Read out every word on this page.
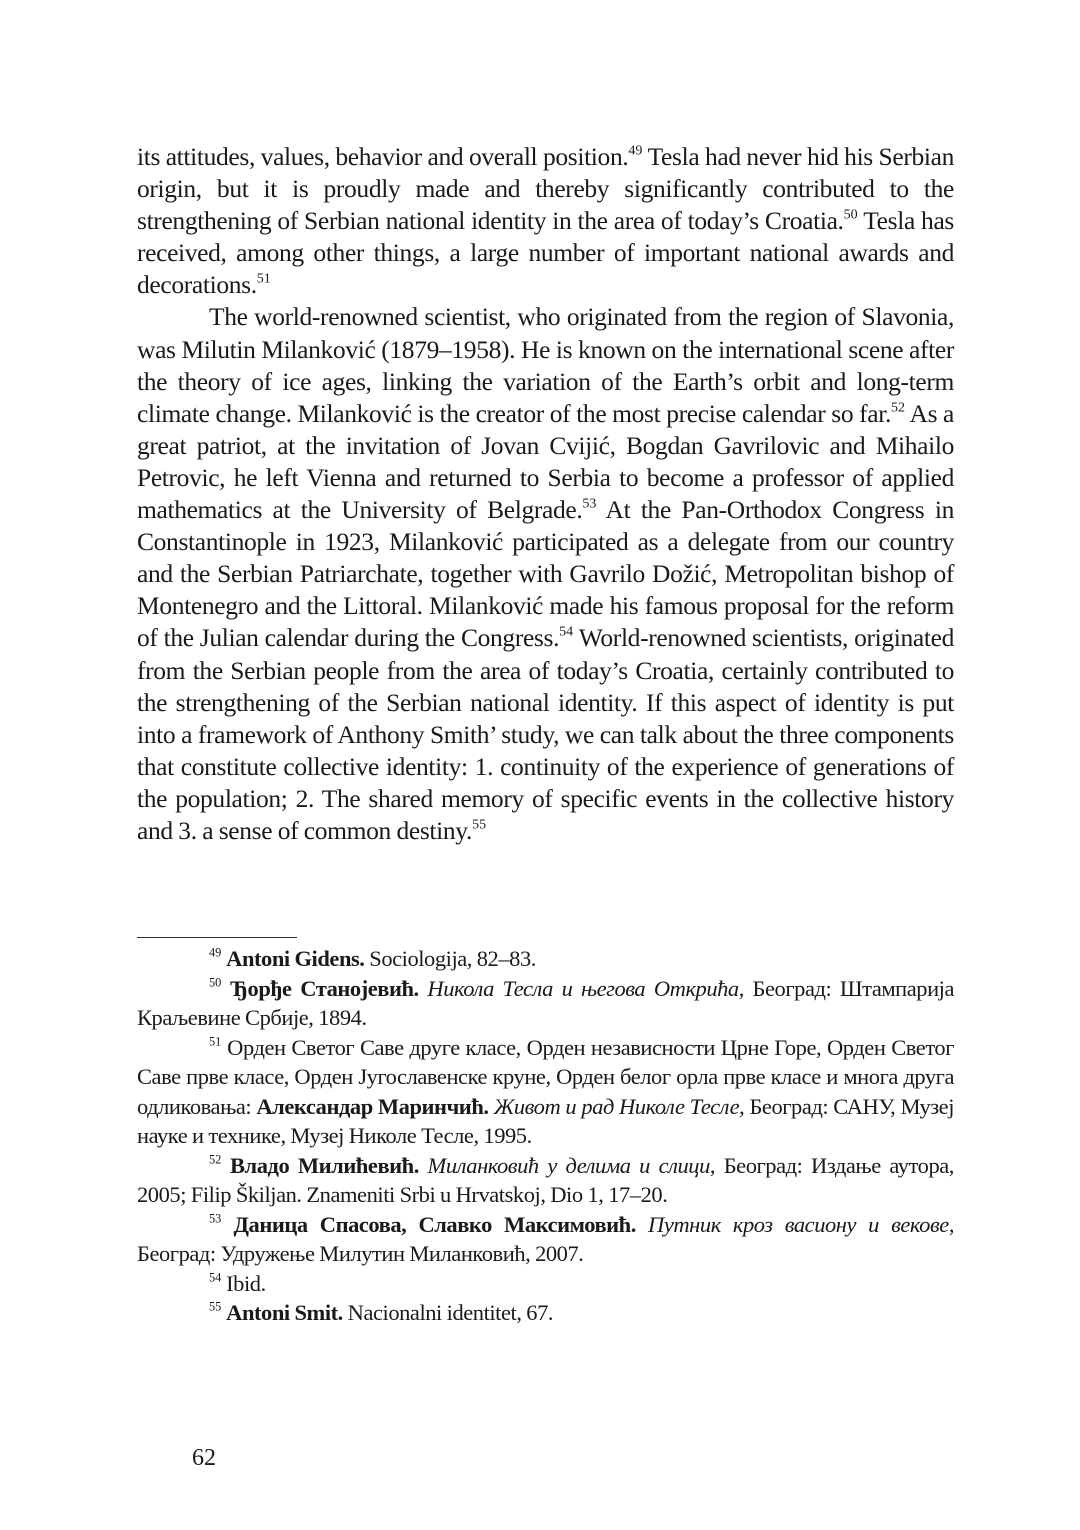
its attitudes, values, behavior and overall position.$^{49}$ Tesla had never hid his Serbian origin, but it is proudly made and thereby significantly contributed to the strengthening of Serbian national identity in the area of today’s Croatia.$^{50}$ Tesla has received, among other things, a large number of important national awards and decorations.$^{51}$

The world-renowned scientist, who originated from the region of Slavonia, was Milutin Milanković (1879–1958). He is known on the international scene after the theory of ice ages, linking the variation of the Earth’s orbit and long-term climate change. Milanković is the creator of the most precise calendar so far.$^{52}$ As a great patriot, at the invitation of Jovan Cvijić, Bogdan Gavrilovic and Mihailo Petrovic, he left Vienna and returned to Serbia to become a professor of applied mathematics at the University of Belgrade.$^{53}$ At the Pan-Orthodox Congress in Constantinople in 1923, Milanković participated as a delegate from our country and the Serbian Patriarchate, together with Gavrilo Dožić, Metropolitan bishop of Montenegro and the Littoral. Milanković made his famous proposal for the reform of the Julian calendar during the Congress.$^{54}$ World-renowned scientists, originated from the Serbian people from the area of today’s Croatia, certainly contributed to the strengthening of the Serbian national identity. If this aspect of identity is put into a framework of Anthony Smith’ study, we can talk about the three components that constitute collective identity: 1. continuity of the experience of generations of the population; 2. The shared memory of specific events in the collective history and 3. a sense of common destiny.$^{55}$

$^{49}$ Antoni Gidens. Sociologija, 82–83.

$^{50}$ Ђорђе Станојевић. Никола Тесла и његова Открића, Београд: Штампарија Краљевине Србије, 1894.

$^{51}$ Орден Светог Саве друге класе, Орден независности Црне Горе, Орден Светог Саве прве класе, Орден Југославенске круне, Орден белог орла прве класе и многа друга одликовања: Александар Маринчић. Живот и рад Николе Тесле, Београд: САНУ, Музеј науке и технике, Музеј Николе Тесле, 1995.

$^{52}$ Владо Милићевић. Миланковић у делима и слици, Београд: Издање аутора, 2005; Filip Škiljan. Znameniti Srbi u Hrvatskoj, Dio 1, 17–20.

$^{53}$ Даница Спасова, Славко Максимовић. Путник кроз васиону и векове, Београд: Удружење Милутин Миланковић, 2007.

$^{54}$ Ibid.

$^{55}$ Antoni Smit. Nacionalni identitet, 67.

62
